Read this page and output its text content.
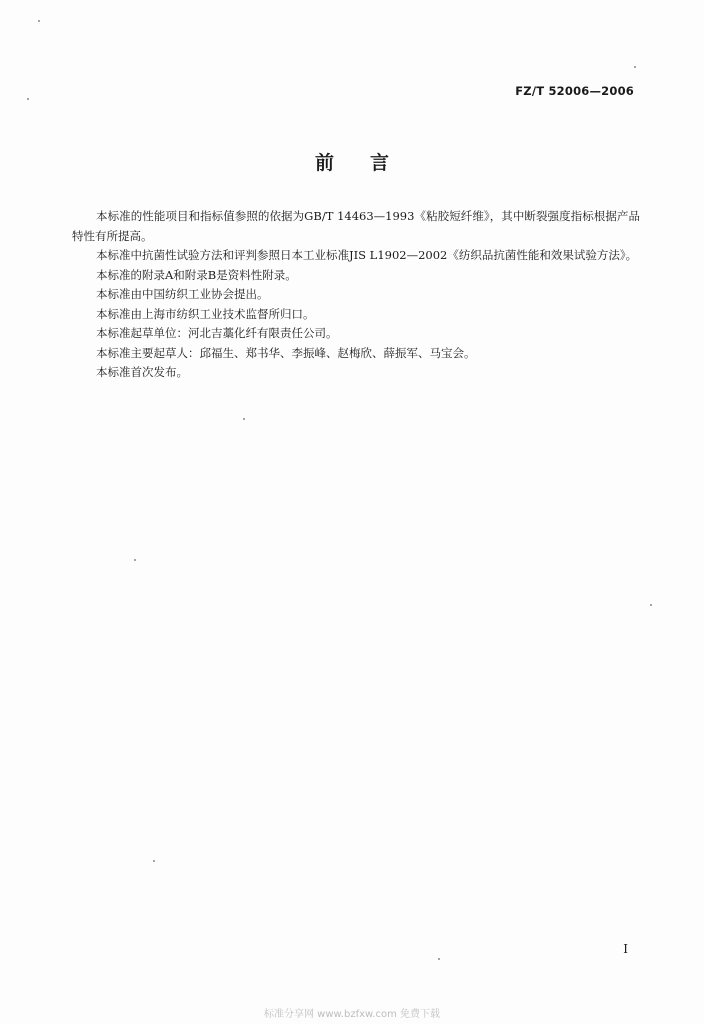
FZ/T 52006—2006
前言

本标准的性能项目和指标值参照的依据为GB/T 14463—1993《粘胶短纤维》，其中断裂强度指标根据产品特性有所提高。

本标准中抗菌性试验方法和评判参照日本工业标准JIS L1902—2002《纺织品抗菌性能和效果试验方法》。

本标准的附录A和附录B是资料性附录。

本标准由中国纺织工业协会提出。

本标准由上海市纺织工业技术监督所归口。

本标准起草单位：河北吉藁化纤有限责任公司。

本标准主要起草人：邱福生、郑书华、李振峰、赵梅欣、薛振军、马宝会。

本标准首次发布。

I
标准分享网 www.bzfxw.com 免费下载
